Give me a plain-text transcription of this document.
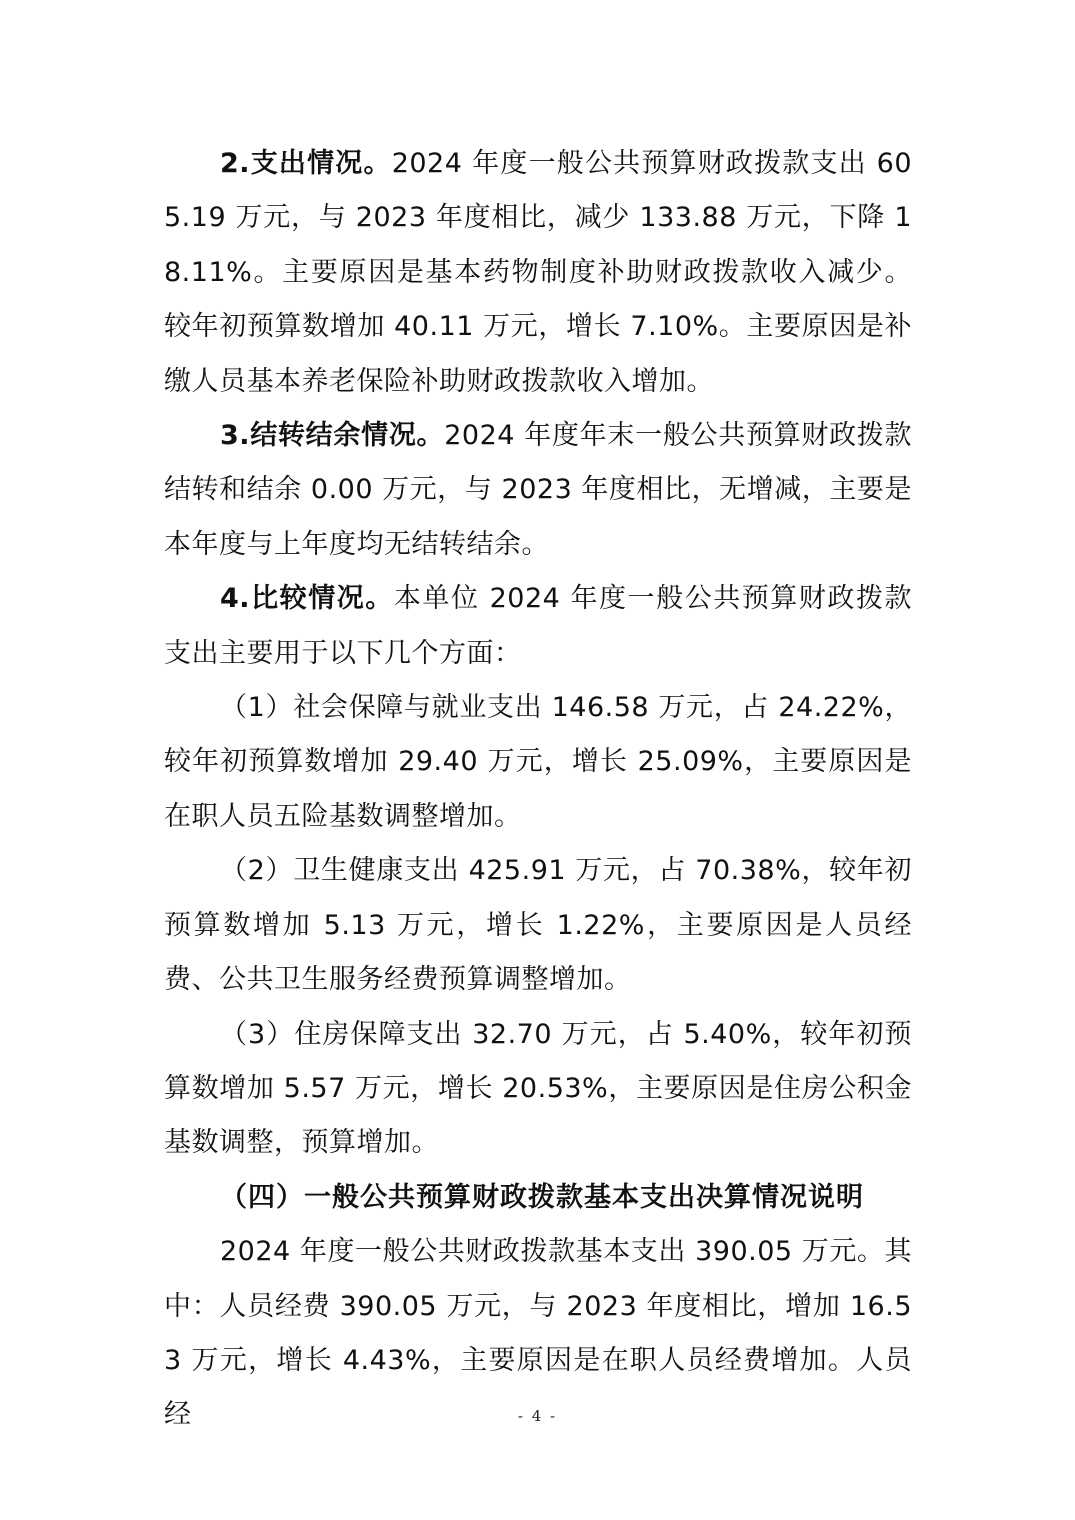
2.支出情况。2024 年度一般公共预算财政拨款支出 605.19 万元，与 2023 年度相比，减少 133.88 万元，下降 18.11%。主要原因是基本药物制度补助财政拨款收入减少。较年初预算数增加 40.11 万元，增长 7.10%。主要原因是补缴人员基本养老保险补助财政拨款收入增加。

3.结转结余情况。2024 年度年末一般公共预算财政拨款结转和结余 0.00 万元，与 2023 年度相比，无增减，主要是本年度与上年度均无结转结余。

4.比较情况。本单位 2024 年度一般公共预算财政拨款支出主要用于以下几个方面：

（1）社会保障与就业支出 146.58 万元，占 24.22%，较年初预算数增加 29.40 万元，增长 25.09%，主要原因是在职人员五险基数调整增加。

（2）卫生健康支出 425.91 万元，占 70.38%，较年初预算数增加 5.13 万元，增长 1.22%，主要原因是人员经费、公共卫生服务经费预算调整增加。

（3）住房保障支出 32.70 万元，占 5.40%，较年初预算数增加 5.57 万元，增长 20.53%，主要原因是住房公积金基数调整，预算增加。

（四）一般公共预算财政拨款基本支出决算情况说明

2024 年度一般公共财政拨款基本支出 390.05 万元。其中：人员经费 390.05 万元，与 2023 年度相比，增加 16.53 万元，增长 4.43%，主要原因是在职人员经费增加。人员经	- 4 -
